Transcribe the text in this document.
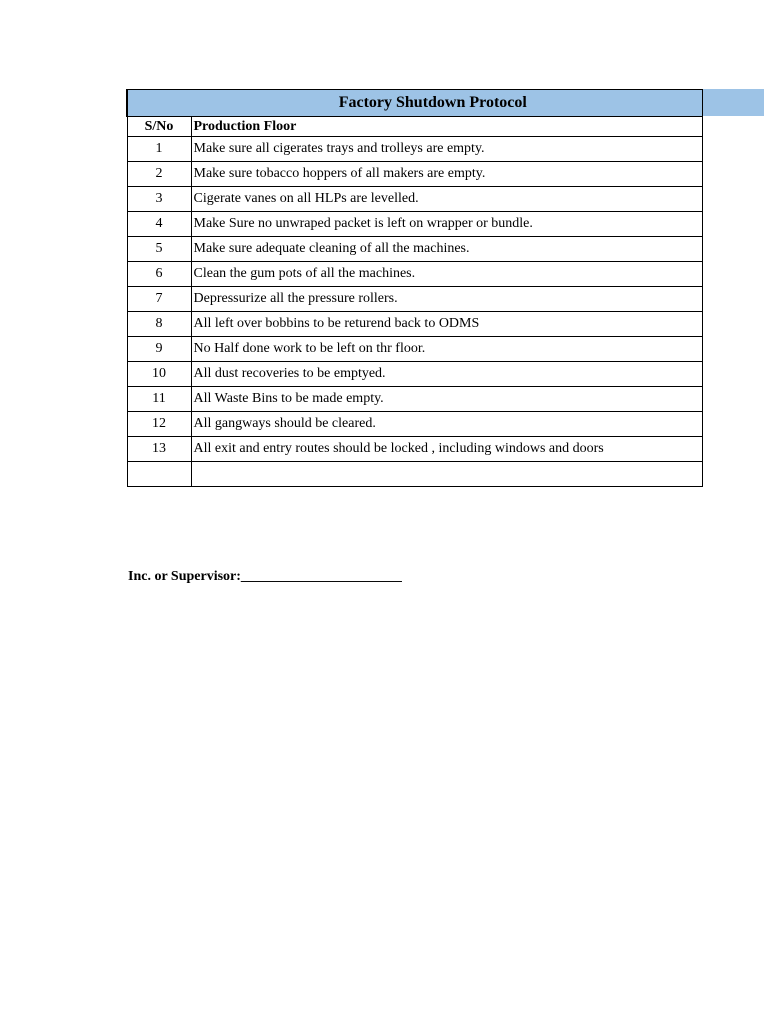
Factory Shutdown Protocol	
S/No	Production Floor
1	Make sure all cigerates trays and trolleys are empty.
2	Make sure tobacco hoppers of all makers are empty.
3	Cigerate vanes on all HLPs are levelled.
4	Make Sure no unwraped packet is left on wrapper or bundle.
5	Make sure adequate cleaning of all the machines.
6	Clean the gum pots of all the machines.
7	Depressurize all the pressure rollers.
8	All left over bobbins to be returend back to ODMS
9	No Half done work to be left on thr floor.
10	All dust recoveries to be emptyed.
11	All Waste Bins to be made empty.
12	All gangways should be cleared.
13	All exit and entry routes should be locked , including windows and doors

Inc. or Supervisor:_______________________
